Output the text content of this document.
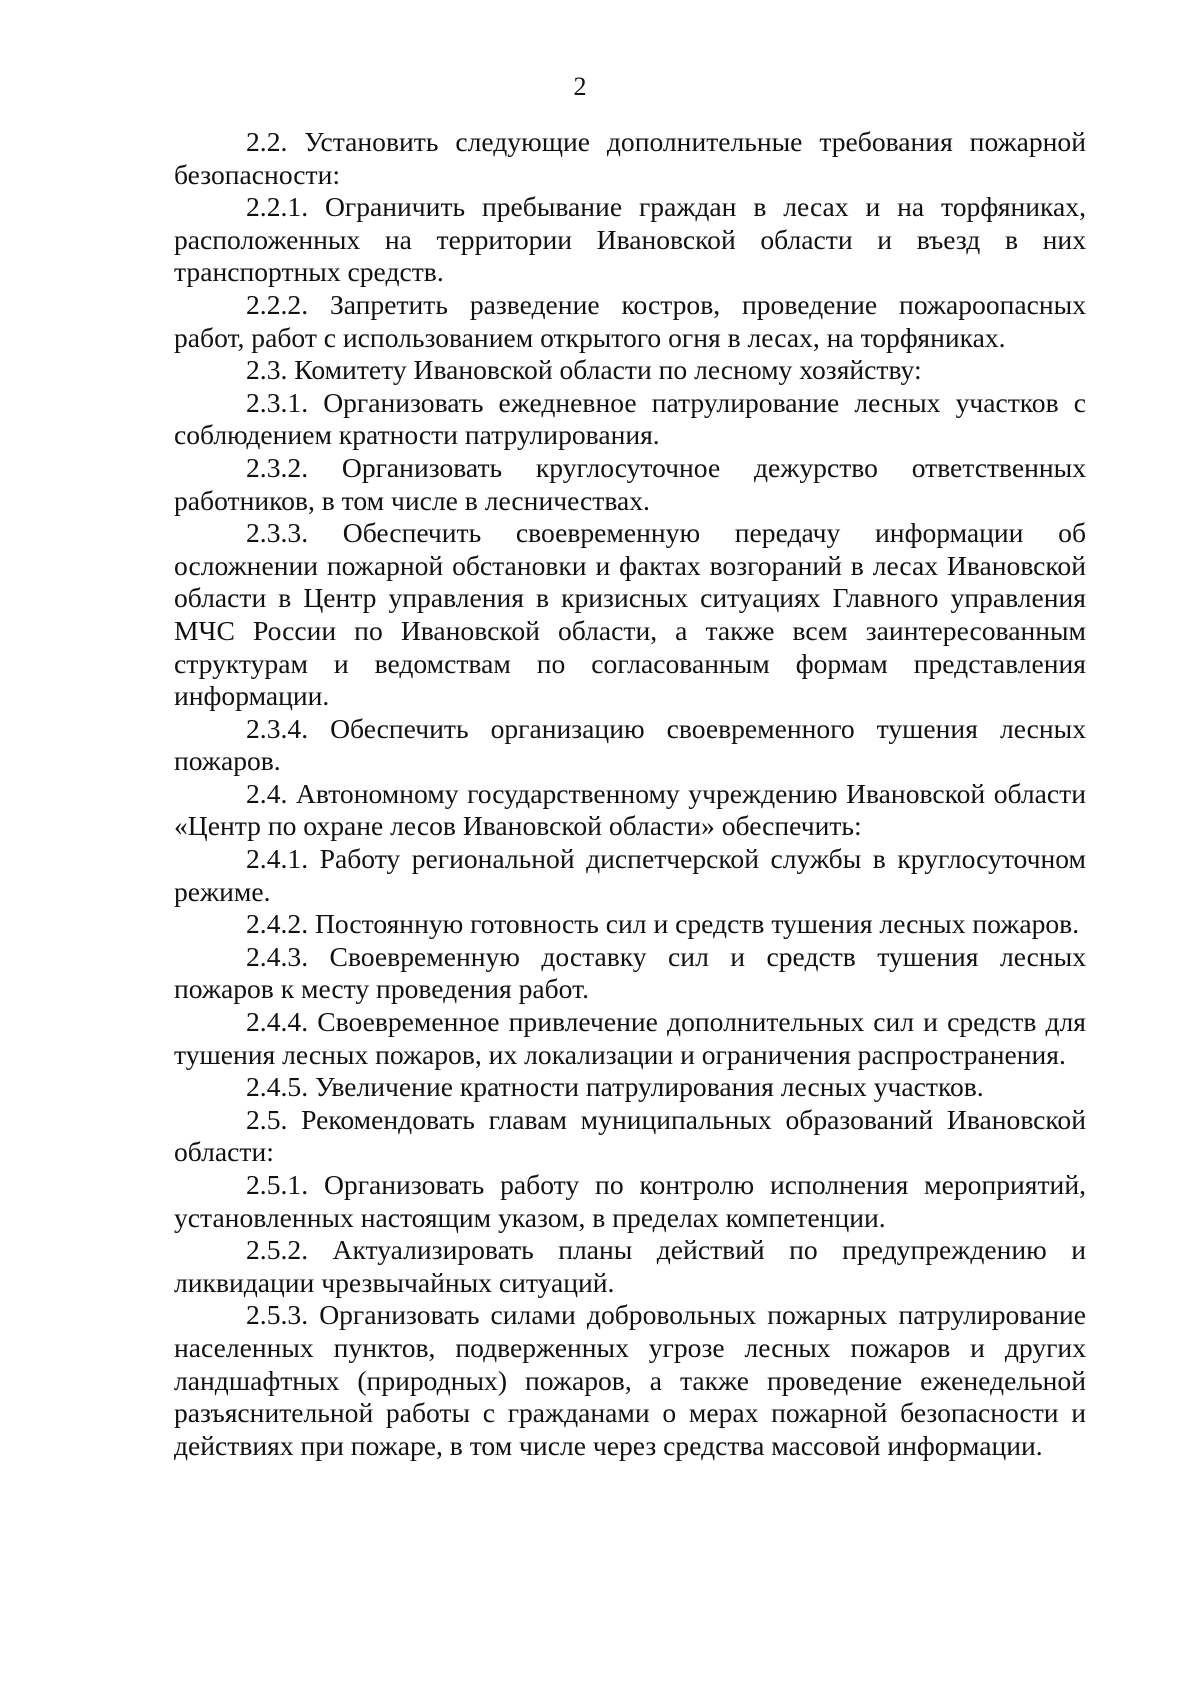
2

2.2. Установить следующие дополнительные требования пожарной безопасности:

2.2.1. Ограничить пребывание граждан в лесах и на торфяниках, расположенных на территории Ивановской области и въезд в них транспортных средств.

2.2.2. Запретить разведение костров, проведение пожароопасных работ, работ с использованием открытого огня в лесах, на торфяниках.

2.3. Комитету Ивановской области по лесному хозяйству:

2.3.1. Организовать ежедневное патрулирование лесных участков с соблюдением кратности патрулирования.

2.3.2. Организовать круглосуточное дежурство ответственных работников, в том числе в лесничествах.

2.3.3. Обеспечить своевременную передачу информации об осложнении пожарной обстановки и фактах возгораний в лесах Ивановской области в Центр управления в кризисных ситуациях Главного управления МЧС России по Ивановской области, а также всем заинтересованным структурам и ведомствам по согласованным формам представления информации.

2.3.4. Обеспечить организацию своевременного тушения лесных пожаров.

2.4. Автономному государственному учреждению Ивановской области «Центр по охране лесов Ивановской области» обеспечить:

2.4.1. Работу региональной диспетчерской службы в круглосуточном режиме.

2.4.2. Постоянную готовность сил и средств тушения лесных пожаров.

2.4.3. Своевременную доставку сил и средств тушения лесных пожаров к месту проведения работ.

2.4.4. Своевременное привлечение дополнительных сил и средств для тушения лесных пожаров, их локализации и ограничения распространения.

2.4.5. Увеличение кратности патрулирования лесных участков.

2.5. Рекомендовать главам муниципальных образований Ивановской области:

2.5.1. Организовать работу по контролю исполнения мероприятий, установленных настоящим указом, в пределах компетенции.

2.5.2. Актуализировать планы действий по предупреждению и ликвидации чрезвычайных ситуаций.

2.5.3. Организовать силами добровольных пожарных патрулирование населенных пунктов, подверженных угрозе лесных пожаров и других ландшафтных (природных) пожаров, а также проведение еженедельной разъяснительной работы с гражданами о мерах пожарной безопасности и действиях при пожаре, в том числе через средства массовой информации.
